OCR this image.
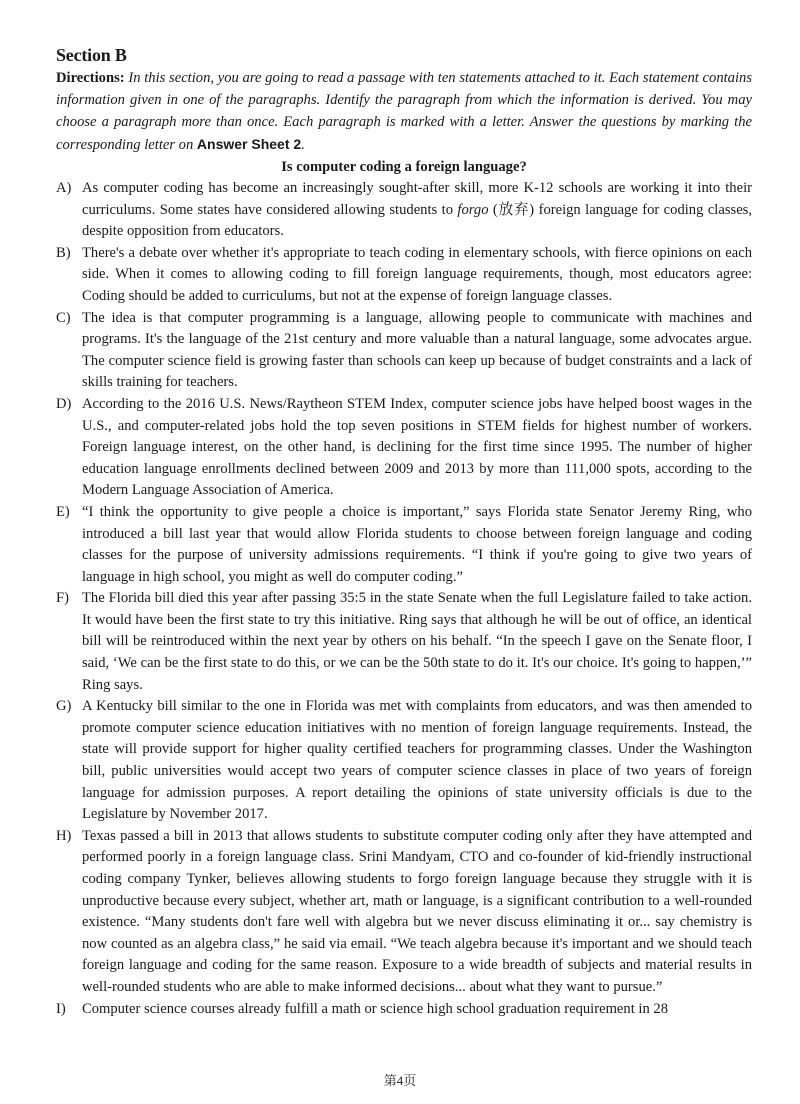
Section B

Directions: In this section, you are going to read a passage with ten statements attached to it. Each statement contains information given in one of the paragraphs. Identify the paragraph from which the information is derived. You may choose a paragraph more than once. Each paragraph is marked with a letter. Answer the questions by marking the corresponding letter on Answer Sheet 2.

Is computer coding a foreign language?

A) As computer coding has become an increasingly sought-after skill, more K-12 schools are working it into their curriculums. Some states have considered allowing students to forgo (放弃) foreign language for coding classes, despite opposition from educators.

B) There's a debate over whether it's appropriate to teach coding in elementary schools, with fierce opinions on each side. When it comes to allowing coding to fill foreign language requirements, though, most educators agree: Coding should be added to curriculums, but not at the expense of foreign language classes.

C) The idea is that computer programming is a language, allowing people to communicate with machines and programs. It's the language of the 21st century and more valuable than a natural language, some advocates argue. The computer science field is growing faster than schools can keep up because of budget constraints and a lack of skills training for teachers.

D) According to the 2016 U.S. News/Raytheon STEM Index, computer science jobs have helped boost wages in the U.S., and computer-related jobs hold the top seven positions in STEM fields for highest number of workers. Foreign language interest, on the other hand, is declining for the first time since 1995. The number of higher education language enrollments declined between 2009 and 2013 by more than 111,000 spots, according to the Modern Language Association of America.

E) “I think the opportunity to give people a choice is important,” says Florida state Senator Jeremy Ring, who introduced a bill last year that would allow Florida students to choose between foreign language and coding classes for the purpose of university admissions requirements. “I think if you're going to give two years of language in high school, you might as well do computer coding.”

F) The Florida bill died this year after passing 35:5 in the state Senate when the full Legislature failed to take action. It would have been the first state to try this initiative. Ring says that although he will be out of office, an identical bill will be reintroduced within the next year by others on his behalf. “In the speech I gave on the Senate floor, I said, ‘We can be the first state to do this, or we can be the 50th state to do it. It's our choice. It's going to happen,’” Ring says.

G) A Kentucky bill similar to the one in Florida was met with complaints from educators, and was then amended to promote computer science education initiatives with no mention of foreign language requirements. Instead, the state will provide support for higher quality certified teachers for programming classes. Under the Washington bill, public universities would accept two years of computer science classes in place of two years of foreign language for admission purposes. A report detailing the opinions of state university officials is due to the Legislature by November 2017.

H) Texas passed a bill in 2013 that allows students to substitute computer coding only after they have attempted and performed poorly in a foreign language class. Srini Mandyam, CTO and co-founder of kid-friendly instructional coding company Tynker, believes allowing students to forgo foreign language because they struggle with it is unproductive because every subject, whether art, math or language, is a significant contribution to a well-rounded existence. “Many students don't fare well with algebra but we never discuss eliminating it or... say chemistry is now counted as an algebra class,” he said via email. “We teach algebra because it's important and we should teach foreign language and coding for the same reason. Exposure to a wide breadth of subjects and material results in well-rounded students who are able to make informed decisions... about what they want to pursue.”

I) Computer science courses already fulfill a math or science high school graduation requirement in 28

第4页
